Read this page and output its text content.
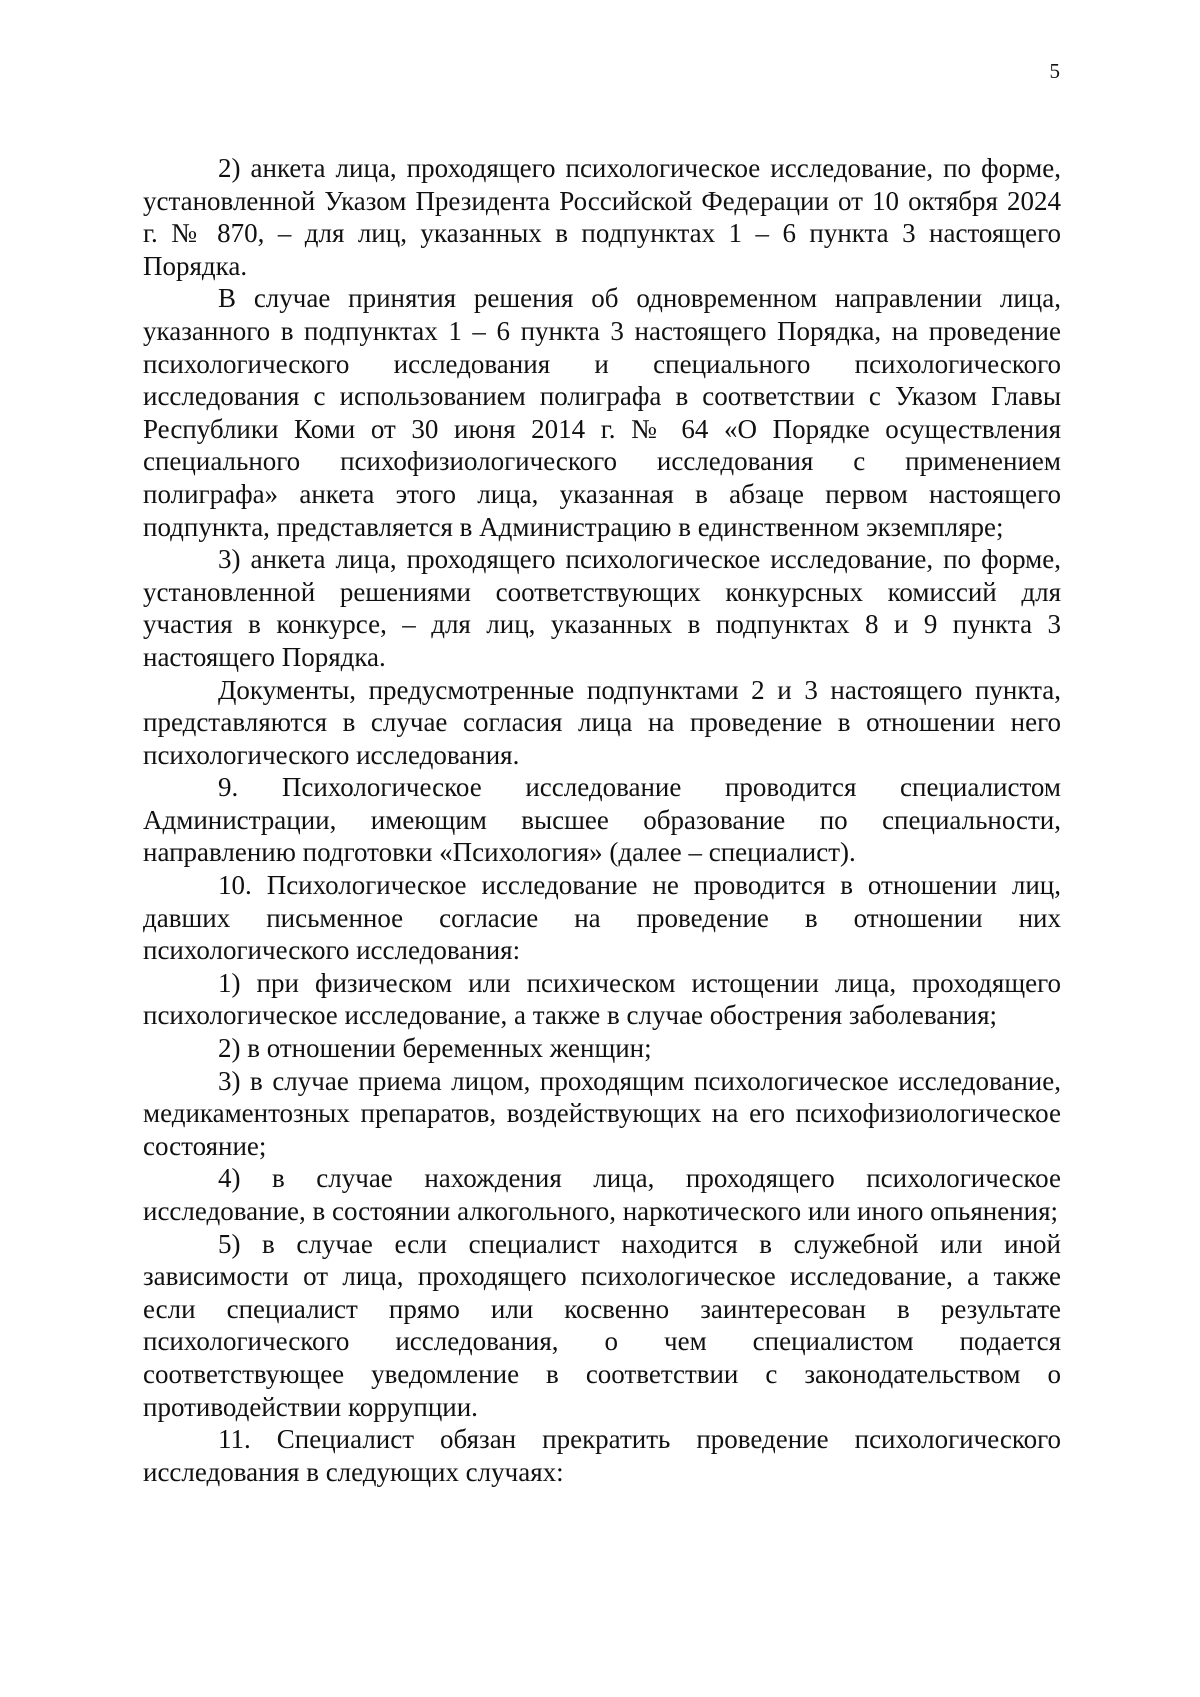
5

2) анкета лица, проходящего психологическое исследование, по форме, установленной Указом Президента Российской Федерации от 10 октября 2024 г. № 870, – для лиц, указанных в подпунктах 1 – 6 пункта 3 настоящего Порядка.

В случае принятия решения об одновременном направлении лица, указанного в подпунктах 1 – 6 пункта 3 настоящего Порядка, на проведение психологического исследования и специального психологического исследования с использованием полиграфа в соответствии с Указом Главы Республики Коми от 30 июня 2014 г. № 64 «О Порядке осуществления специального психофизиологического исследования с применением полиграфа» анкета этого лица, указанная в абзаце первом настоящего подпункта, представляется в Администрацию в единственном экземпляре;

3) анкета лица, проходящего психологическое исследование, по форме, установленной решениями соответствующих конкурсных комиссий для участия в конкурсе, – для лиц, указанных в подпунктах 8 и 9 пункта 3 настоящего Порядка.

Документы, предусмотренные подпунктами 2 и 3 настоящего пункта, представляются в случае согласия лица на проведение в отношении него психологического исследования.

9. Психологическое исследование проводится специалистом Администрации, имеющим высшее образование по специальности, направлению подготовки «Психология» (далее – специалист).

10. Психологическое исследование не проводится в отношении лиц, давших письменное согласие на проведение в отношении них психологического исследования:

1) при физическом или психическом истощении лица, проходящего психологическое исследование, а также в случае обострения заболевания;

2) в отношении беременных женщин;

3) в случае приема лицом, проходящим психологическое исследование, медикаментозных препаратов, воздействующих на его психофизиологическое состояние;

4) в случае нахождения лица, проходящего психологическое исследование, в состоянии алкогольного, наркотического или иного опьянения;

5) в случае если специалист находится в служебной или иной зависимости от лица, проходящего психологическое исследование, а также если специалист прямо или косвенно заинтересован в результате психологического исследования, о чем специалистом подается соответствующее уведомление в соответствии с законодательством о противодействии коррупции.

11. Специалист обязан прекратить проведение психологического исследования в следующих случаях:
